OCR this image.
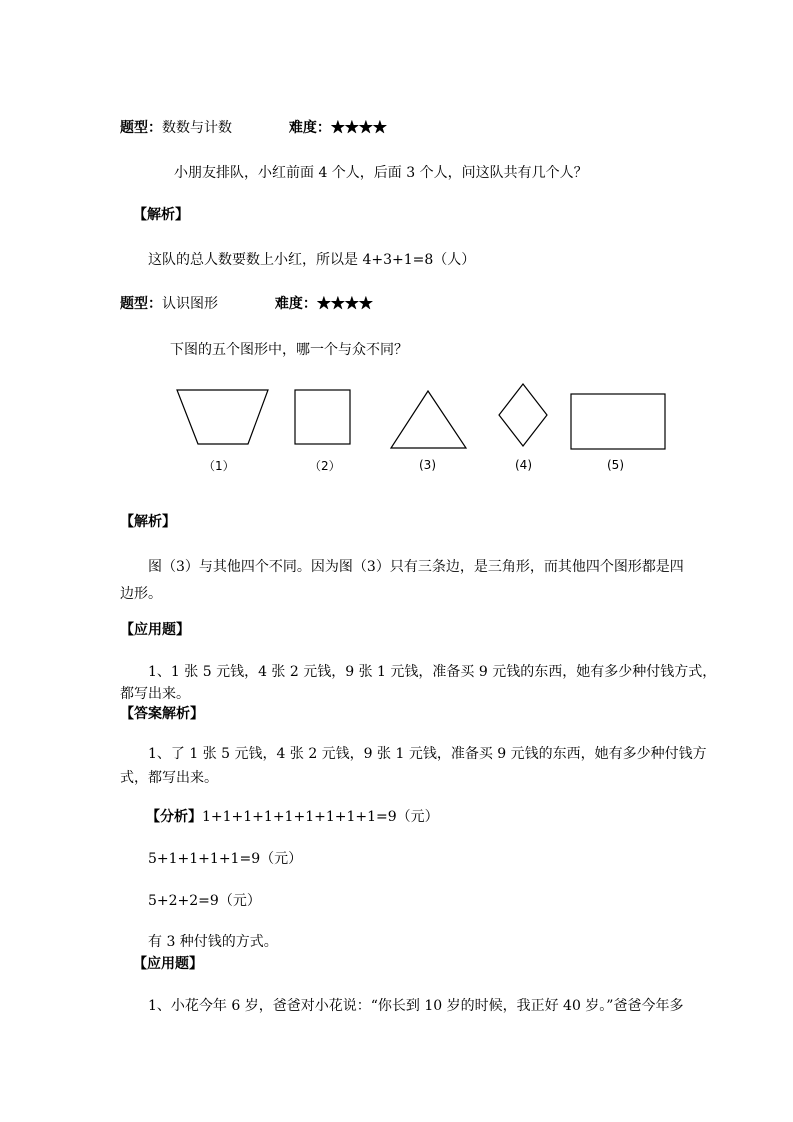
题型：数数与计数	难度：★★★★
小朋友排队，小红前面 4 个人，后面 3 个人，问这队共有几个人？
【解析】
这队的总人数要数上小红，所以是 4+3+1=8（人）
题型：认识图形	难度：★★★★
下图的五个图形中，哪一个与众不同？
（1）	（2）	(3)	(4)	(5)
【解析】
图（3）与其他四个不同。因为图（3）只有三条边，是三角形，而其他四个图形都是四
边形。
【应用题】
1、1 张 5 元钱，4 张 2 元钱，9 张 1 元钱，准备买 9 元钱的东西，她有多少种付钱方式，
都写出来。
【答案解析】
1、了 1 张 5 元钱，4 张 2 元钱，9 张 1 元钱，准备买 9 元钱的东西，她有多少种付钱方
式，都写出来。
【分析】1+1+1+1+1+1+1+1+1=9（元）
5+1+1+1+1=9（元）
5+2+2=9（元）
有 3 种付钱的方式。
【应用题】
1、小花今年 6 岁，爸爸对小花说：“你长到 10 岁的时候，我正好 40 岁。”爸爸今年多
